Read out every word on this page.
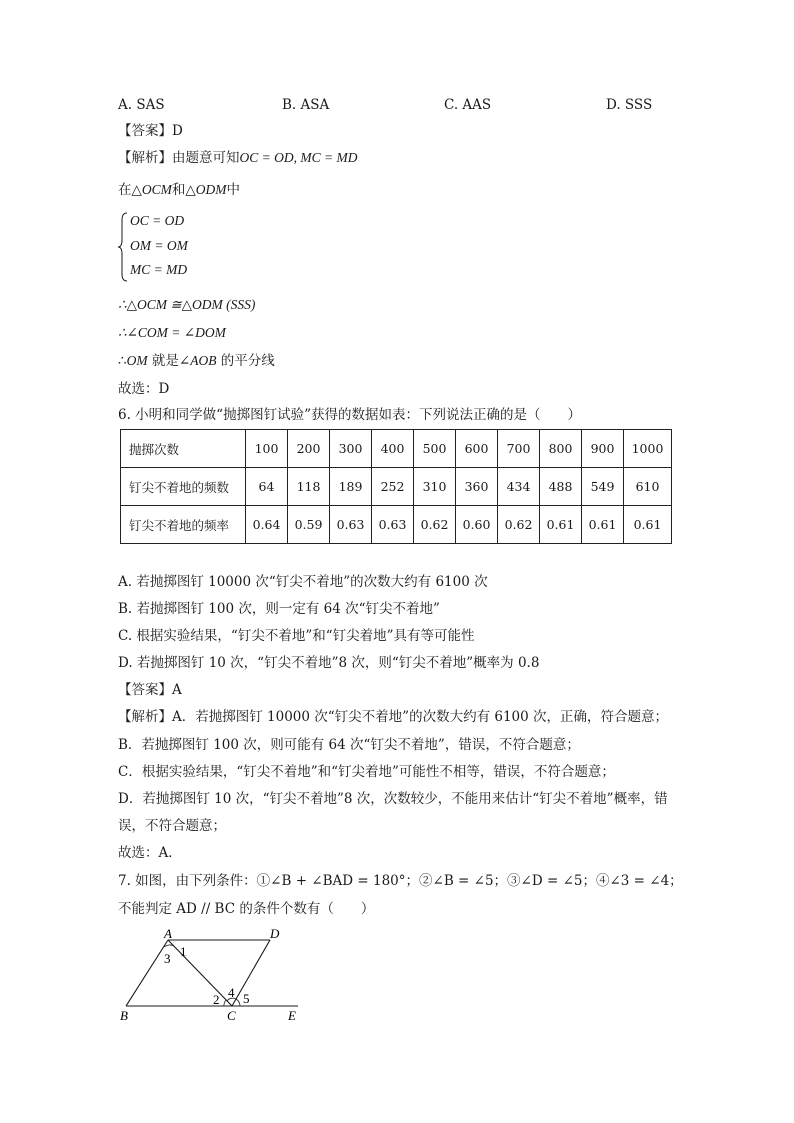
A. SAS	B. ASA	C. AAS	D. SSS
【答案】D
【解析】由题意可知OC = OD, MC = MD
在△OCM和△ODM中
OC = OD
OM = OM
MC = MD
∴△OCM ≅△ODM (SSS)
∴∠COM = ∠DOM
∴OM 就是∠AOB 的平分线
故选：D
6. 小明和同学做“抛掷图钉试验”获得的数据如表：下列说法正确的是（　　）
抛掷次数	100	200	300	400	500	600	700	800	900	1000
钉尖不着地的频数	64	118	189	252	310	360	434	488	549	610
钉尖不着地的频率	0.64	0.59	0.63	0.63	0.62	0.60	0.62	0.61	0.61	0.61
A. 若抛掷图钉 10000 次“钉尖不着地”的次数大约有 6100 次
B. 若抛掷图钉 100 次，则一定有 64 次“钉尖不着地”
C. 根据实验结果，“钉尖不着地”和“钉尖着地”具有等可能性
D. 若抛掷图钉 10 次，“钉尖不着地”8 次，则“钉尖不着地”概率为 0.8
【答案】A
【解析】A．若抛掷图钉 10000 次“钉尖不着地”的次数大约有 6100 次，正确，符合题意；
B．若抛掷图钉 100 次，则可能有 64 次“钉尖不着地”，错误，不符合题意；
C．根据实验结果，“钉尖不着地”和“钉尖着地”可能性不相等，错误，不符合题意；
D．若抛掷图钉 10 次，“钉尖不着地”8 次，次数较少，不能用来估计“钉尖不着地”概率，错
误，不符合题意；
故选：A．
7. 如图，由下列条件：①∠B + ∠BAD = 180°；②∠B = ∠5；③∠D = ∠5；④∠3 = ∠4；
不能判定 AD // BC 的条件个数有（　　）
A	D
B	C	E
1
3
2 4 5
